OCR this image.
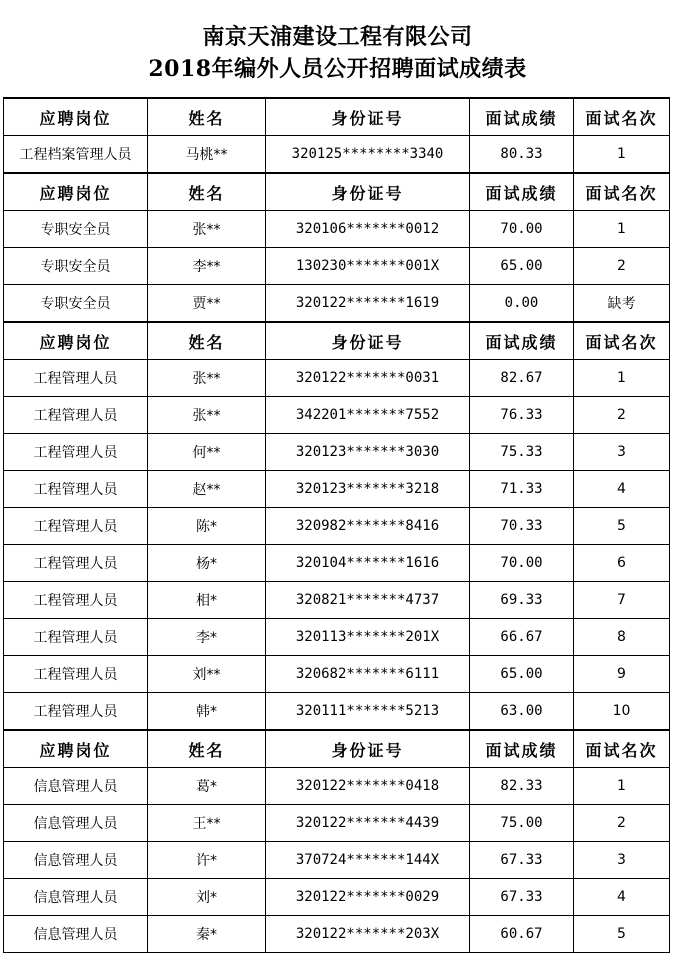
南京天浦建设工程有限公司
2018年编外人员公开招聘面试成绩表
应聘岗位	姓名	身份证号	面试成绩	面试名次
工程档案管理人员	马桃**	320125********3340	80.33	1
应聘岗位	姓名	身份证号	面试成绩	面试名次
专职安全员	张**	320106*******0012	70.00	1
专职安全员	李**	130230*******001X	65.00	2
专职安全员	贾**	320122*******1619	0.00	缺考
应聘岗位	姓名	身份证号	面试成绩	面试名次
工程管理人员	张**	320122*******0031	82.67	1
工程管理人员	张**	342201*******7552	76.33	2
工程管理人员	何**	320123*******3030	75.33	3
工程管理人员	赵**	320123*******3218	71.33	4
工程管理人员	陈*	320982*******8416	70.33	5
工程管理人员	杨*	320104*******1616	70.00	6
工程管理人员	相*	320821*******4737	69.33	7
工程管理人员	李*	320113*******201X	66.67	8
工程管理人员	刘**	320682*******6111	65.00	9
工程管理人员	韩*	320111*******5213	63.00	10
应聘岗位	姓名	身份证号	面试成绩	面试名次
信息管理人员	葛*	320122*******0418	82.33	1
信息管理人员	王**	320122*******4439	75.00	2
信息管理人员	许*	370724*******144X	67.33	3
信息管理人员	刘*	320122*******0029	67.33	4
信息管理人员	秦*	320122*******203X	60.67	5
